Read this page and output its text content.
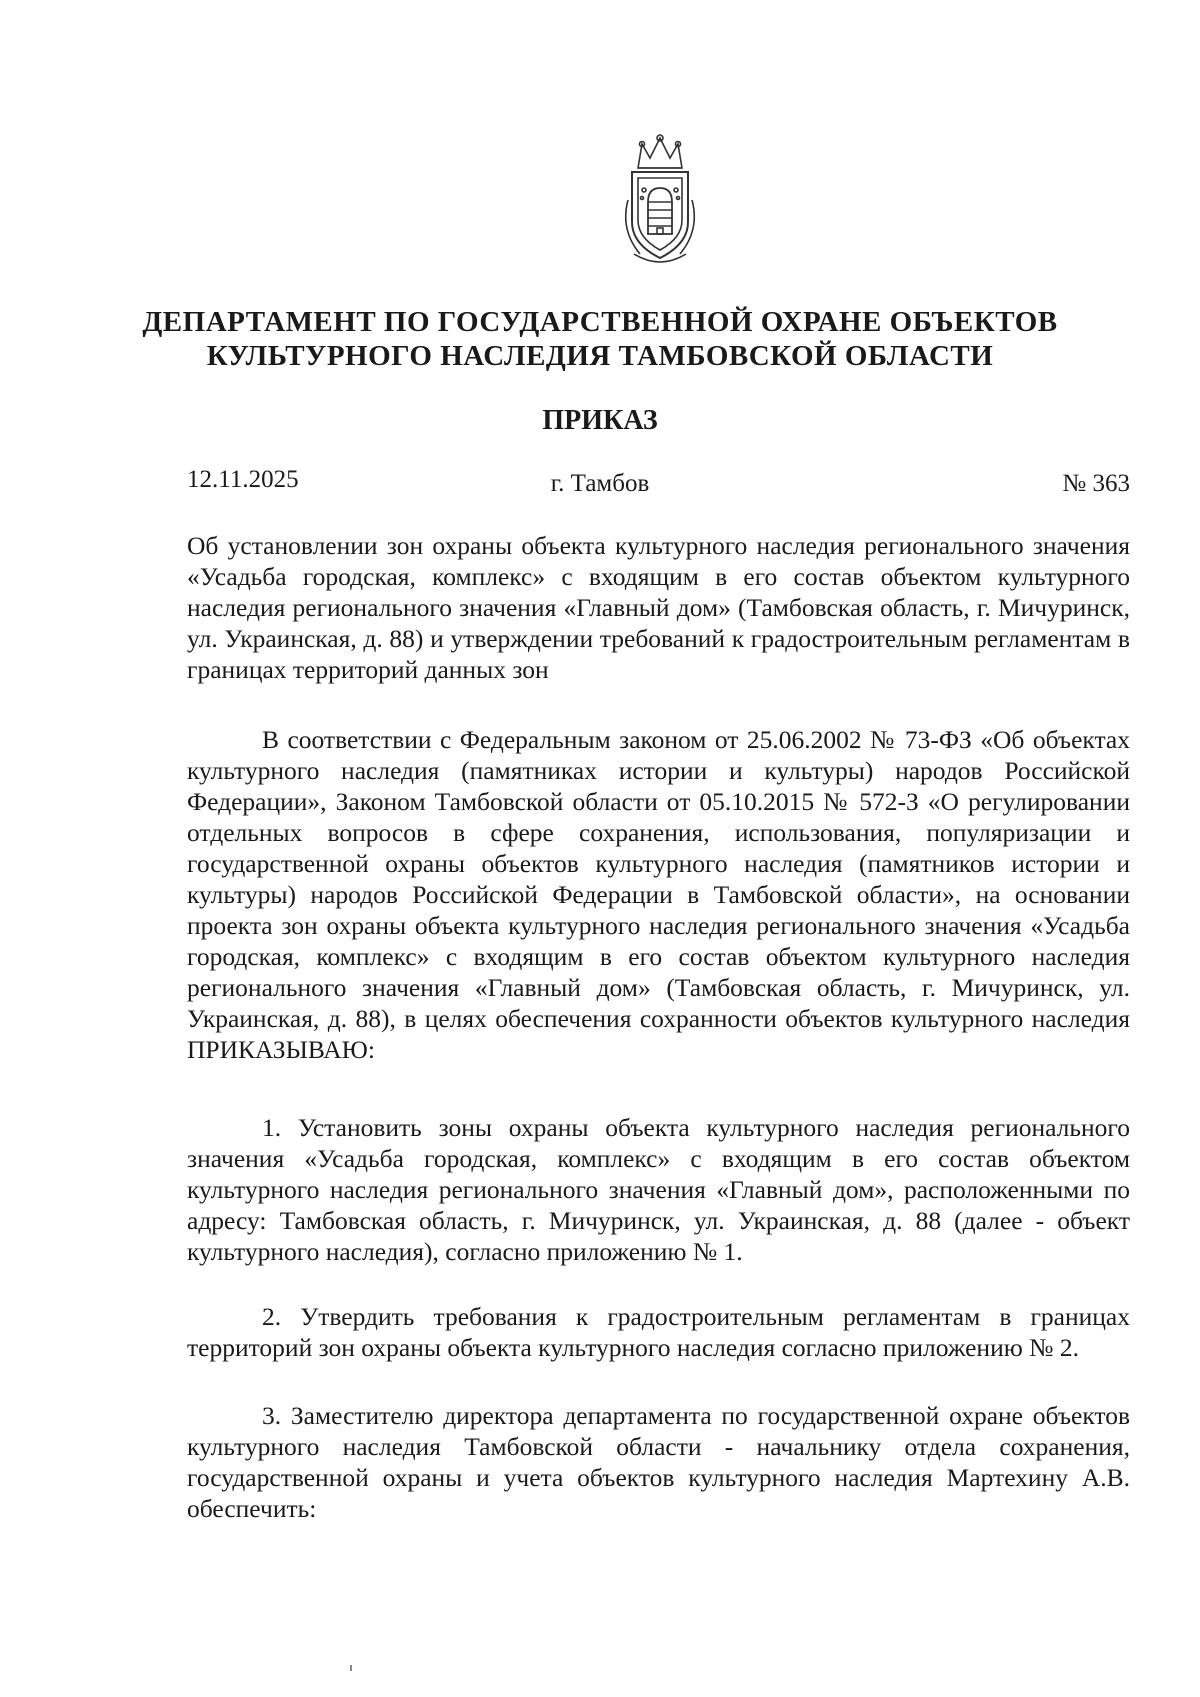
ДЕПАРТАМЕНТ ПО ГОСУДАРСТВЕННОЙ ОХРАНЕ ОБЪЕКТОВ
КУЛЬТУРНОГО НАСЛЕДИЯ ТАМБОВСКОЙ ОБЛАСТИ
ПРИКАЗ
12.11.2025	г. Тамбов	№ 363
Об установлении зон охраны объекта культурного наследия регионального значения «Усадьба городская, комплекс» с входящим в его состав объектом культурного наследия регионального значения «Главный дом» (Тамбовская область, г. Мичуринск, ул. Украинская, д. 88) и утверждении требований к градостроительным регламентам в границах территорий данных зон
В соответствии с Федеральным законом от 25.06.2002 № 73-ФЗ «Об объектах культурного наследия (памятниках истории и культуры) народов Российской Федерации», Законом Тамбовской области от 05.10.2015 № 572-З «О регулировании отдельных вопросов в сфере сохранения, использования, популяризации и государственной охраны объектов культурного наследия (памятников истории и культуры) народов Российской Федерации в Тамбовской области», на основании проекта зон охраны объекта культурного наследия регионального значения «Усадьба городская, комплекс» с входящим в его состав объектом культурного наследия регионального значения «Главный дом» (Тамбовская область, г. Мичуринск, ул. Украинская, д. 88), в целях обеспечения сохранности объектов культурного наследия ПРИКАЗЫВАЮ:
1. Установить зоны охраны объекта культурного наследия регионального значения «Усадьба городская, комплекс» с входящим в его состав объектом культурного наследия регионального значения «Главный дом», расположенными по адресу: Тамбовская область, г. Мичуринск, ул. Украинская, д. 88 (далее - объект культурного наследия), согласно приложению № 1.
2. Утвердить требования к градостроительным регламентам в границах территорий зон охраны объекта культурного наследия согласно приложению № 2.
3. Заместителю директора департамента по государственной охране объектов культурного наследия Тамбовской области - начальнику отдела сохранения, государственной охраны и учета объектов культурного наследия Мартехину А.В. обеспечить:
